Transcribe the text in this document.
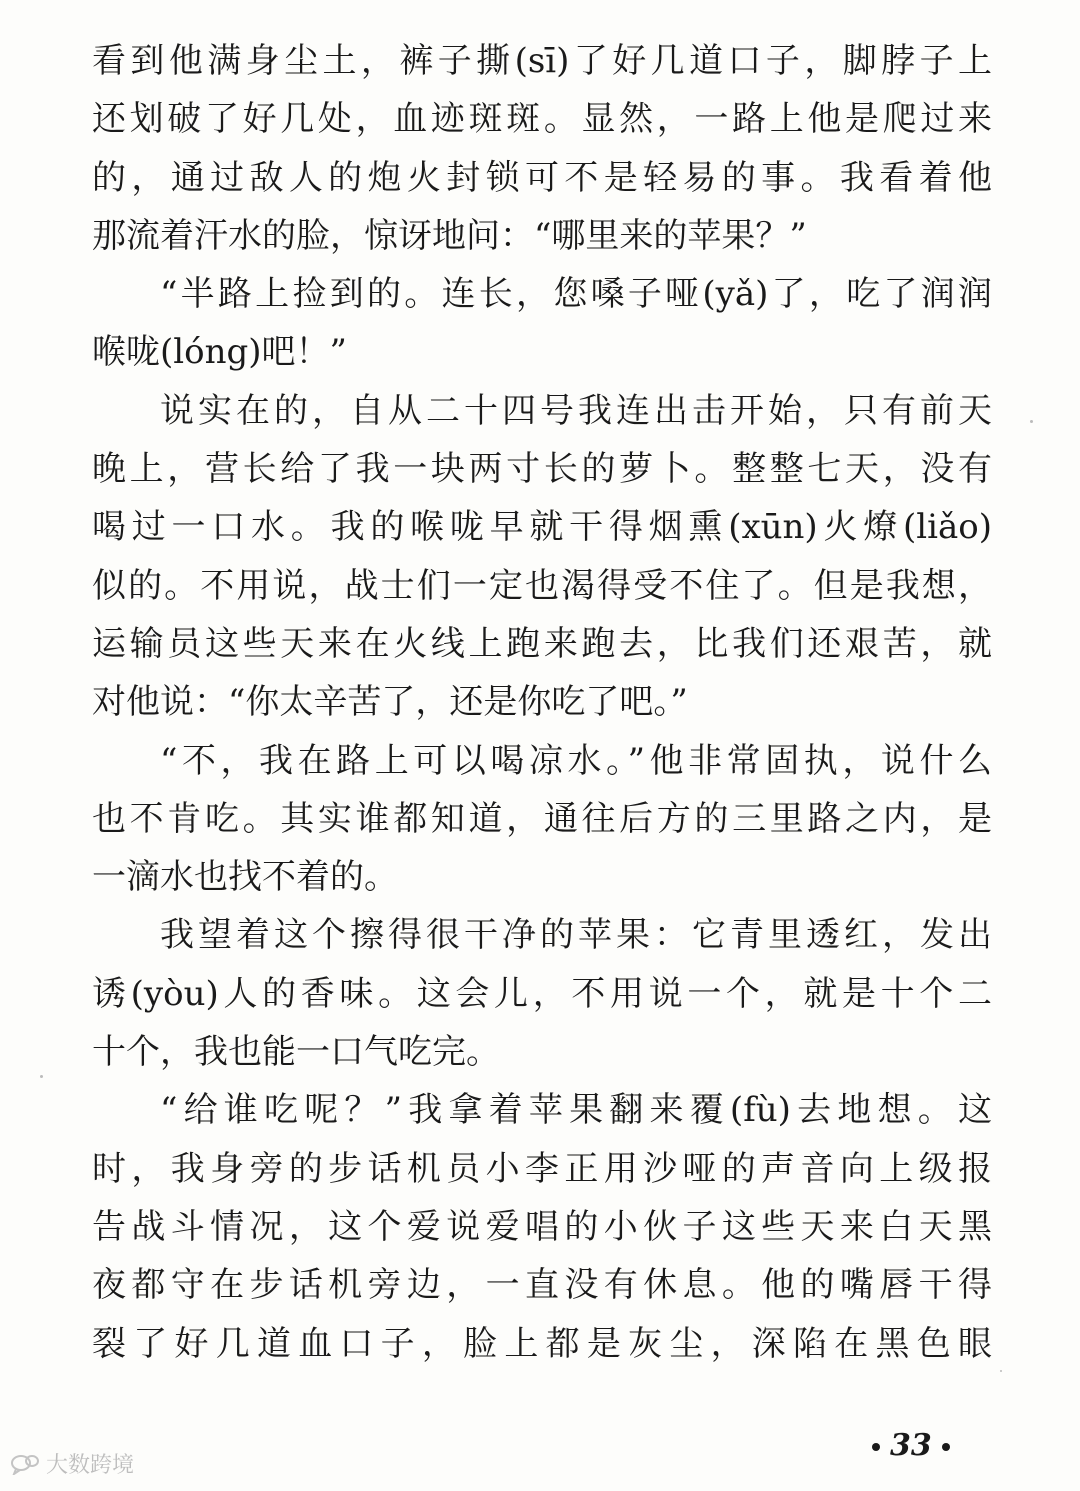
看到他满身尘土，裤子撕(sī)了好几道口子，脚脖子上
还划破了好几处，血迹斑斑。显然，一路上他是爬过来
的，通过敌人的炮火封锁可不是轻易的事。我看着他
那流着汗水的脸，惊讶地问：“哪里来的苹果？”
“半路上捡到的。连长，您嗓子哑(yǎ)了，吃了润润
喉咙(lóng)吧！”
说实在的，自从二十四号我连出击开始，只有前天
晚上，营长给了我一块两寸长的萝卜。整整七天，没有
喝过一口水。我的喉咙早就干得烟熏(xūn)火燎(liǎo)
似的。不用说，战士们一定也渴得受不住了。但是我想，
运输员这些天来在火线上跑来跑去，比我们还艰苦，就
对他说：“你太辛苦了，还是你吃了吧。”
“不，我在路上可以喝凉水。”他非常固执，说什么
也不肯吃。其实谁都知道，通往后方的三里路之内，是
一滴水也找不着的。
我望着这个擦得很干净的苹果：它青里透红，发出
诱(yòu)人的香味。这会儿，不用说一个，就是十个二
十个，我也能一口气吃完。
“给谁吃呢？”我拿着苹果翻来覆(fù)去地想。这
时，我身旁的步话机员小李正用沙哑的声音向上级报
告战斗情况，这个爱说爱唱的小伙子这些天来白天黑
夜都守在步话机旁边，一直没有休息。他的嘴唇干得
裂了好几道血口子，脸上都是灰尘，深陷在黑色眼
33
大数跨境
